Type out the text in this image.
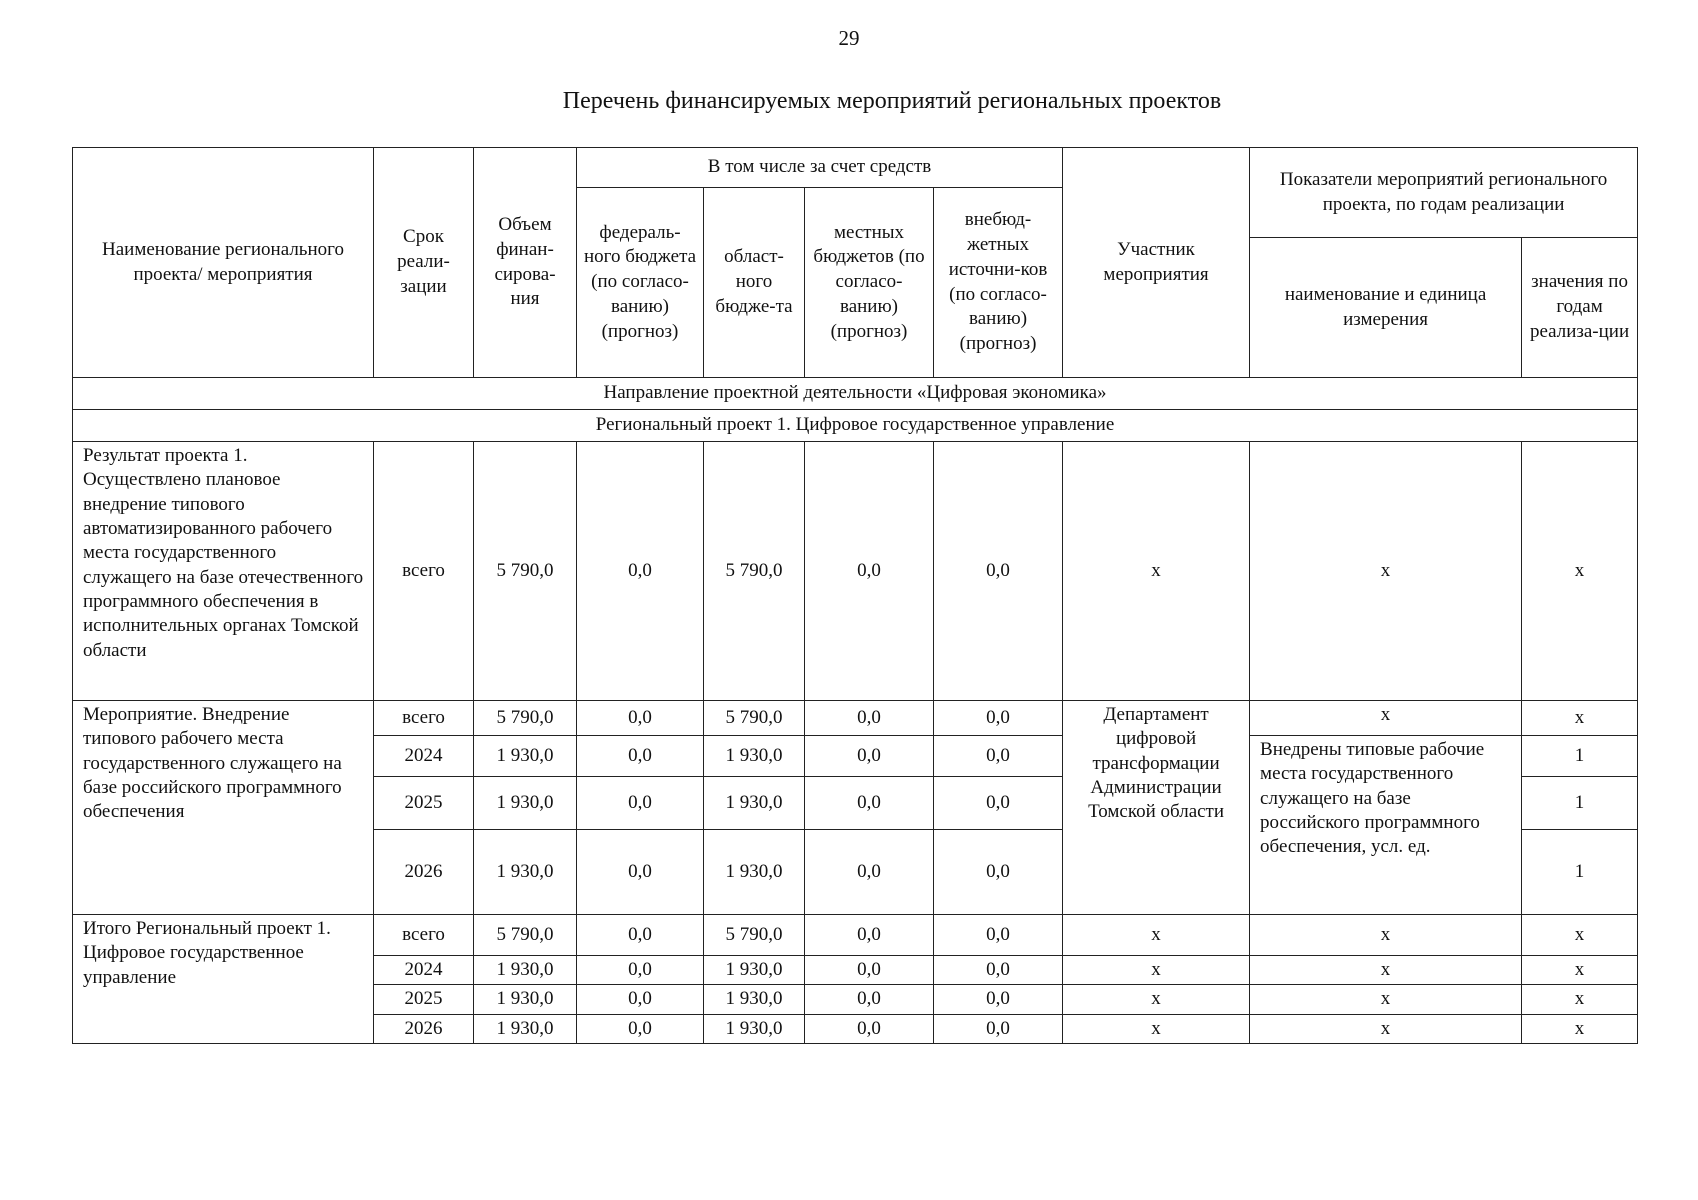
29
Перечень финансируемых мероприятий региональных проектов
Наименование регионального проекта/ мероприятия	Срок реали-зации	Объем финан-сирова-ния	В том числе за счет средств				Участник мероприятия	Показатели мероприятий регионального проекта, по годам реализации	
			федераль-ного бюджета (по согласо-ванию) (прогноз)	област-ного бюдже-та	местных бюджетов (по согласо-ванию) (прогноз)	внебюд-жетных источни-ков (по согласо-ванию) (прогноз)			
								наименование и единица измерения	значения по годам реализа-ции
Направление проектной деятельности «Цифровая экономика»									
Региональный проект 1. Цифровое государственное управление									
Результат проекта 1. Осуществлено плановое внедрение типового автоматизированного рабочего места государственного служащего на базе отечественного программного обеспечения в исполнительных органах Томской области	всего	5 790,0	0,0	5 790,0	0,0	0,0	х	х	х
Мероприятие. Внедрение типового рабочего места государственного служащего на базе российского программного обеспечения	всего	5 790,0	0,0	5 790,0	0,0	0,0	Департамент цифровой трансформации Администрации Томской области	х	х
	2024	1 930,0	0,0	1 930,0	0,0	0,0		Внедрены типовые рабочие места государственного служащего на базе российского программного обеспечения, усл. ед.	1
	2025	1 930,0	0,0	1 930,0	0,0	0,0			1
	2026	1 930,0	0,0	1 930,0	0,0	0,0			1
Итого Региональный проект 1. Цифровое государственное управление	всего	5 790,0	0,0	5 790,0	0,0	0,0	х	х	х
	2024	1 930,0	0,0	1 930,0	0,0	0,0	х	х	х
	2025	1 930,0	0,0	1 930,0	0,0	0,0	х	х	х
	2026	1 930,0	0,0	1 930,0	0,0	0,0	х	х	х
